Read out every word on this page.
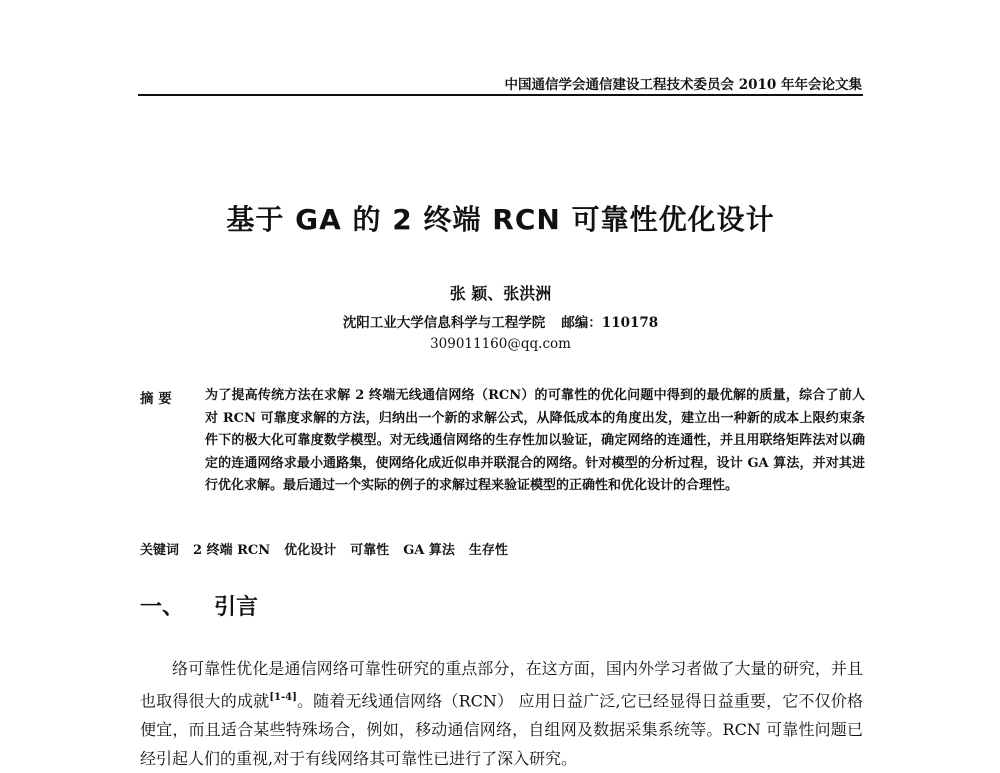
中国通信学会通信建设工程技术委员会 2010 年年会论文集
基于 GA 的 2 终端 RCN 可靠性优化设计
张 颖、张洪洲
沈阳工业大学信息科学与工程学院 邮编：110178
309011160@qq.com
摘 要	为了提高传统方法在求解 2 终端无线通信网络（RCN）的可靠性的优化问题中得到的最优解的质量，综合了前人对 RCN 可靠度求解的方法，归纳出一个新的求解公式，从降低成本的角度出发，建立出一种新的成本上限约束条件下的极大化可靠度数学模型。对无线通信网络的生存性加以验证，确定网络的连通性，并且用联络矩阵法对以确定的连通网络求最小通路集，使网络化成近似串并联混合的网络。针对模型的分析过程，设计 GA 算法，并对其进行优化求解。最后通过一个实际的例子的求解过程来验证模型的正确性和优化设计的合理性。
关键词 2 终端 RCN 优化设计 可靠性 GA 算法 生存性
一、 引言
络可靠性优化是通信网络可靠性研究的重点部分，在这方面，国内外学习者做了大量的研究，并且也取得很大的成就[1-4]。随着无线通信网络（RCN） 应用日益广泛,它已经显得日益重要，它不仅价格便宜，而且适合某些特殊场合，例如，移动通信网络，自组网及数据采集系统等。RCN 可靠性问题已经引起人们的重视,对于有线网络其可靠性已进行了深入研究。
